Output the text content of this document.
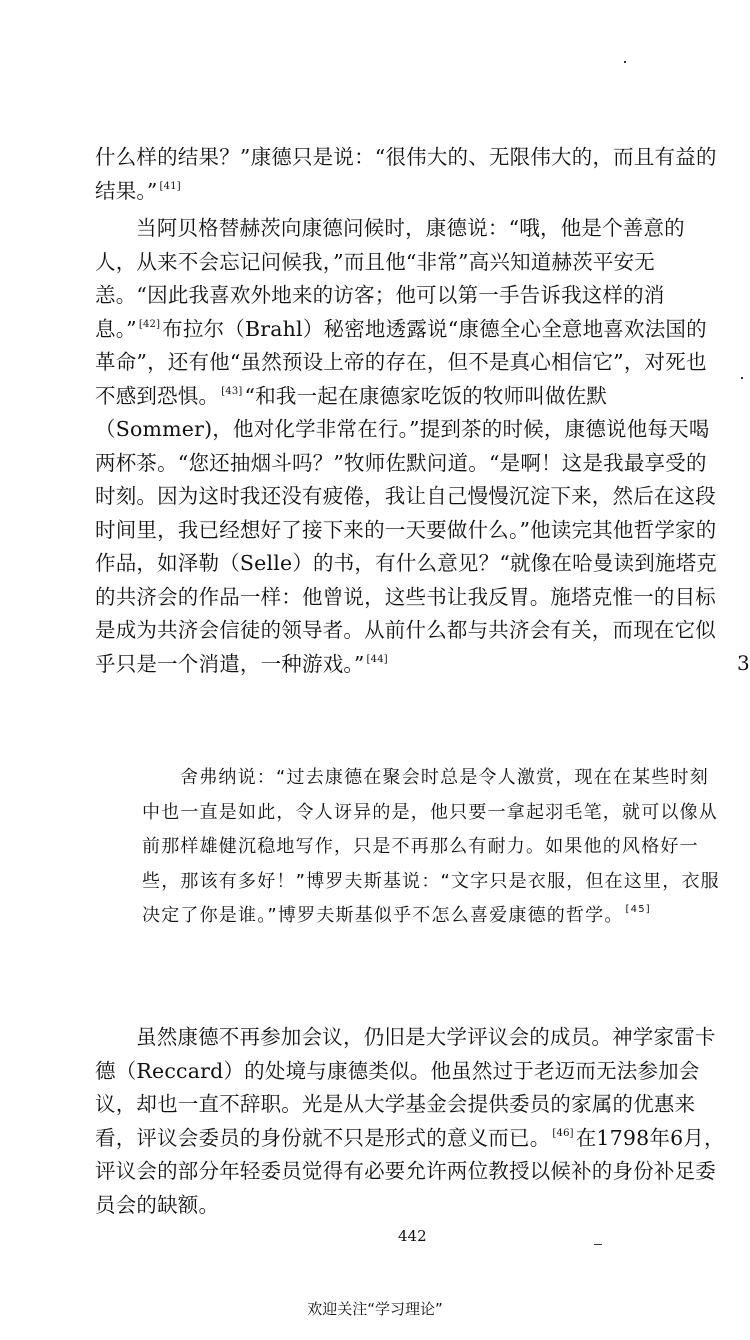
什么样的结果？”康德只是说：“很伟大的、无限伟大的，而且有益的结果。” [41]
当阿贝格替赫茨向康德问候时，康德说：“哦，他是个善意的人，从来不会忘记问候我，”而且他“非常”高兴知道赫茨平安无恙。“因此我喜欢外地来的访客；他可以第一手告诉我这样的消息。” [42]布拉尔（Brahl）秘密地透露说“康德全心全意地喜欢法国的革命”，还有他“虽然预设上帝的存在，但不是真心相信它”，对死也不感到恐惧。 [43]“和我一起在康德家吃饭的牧师叫做佐默（Sommer)，他对化学非常在行。”提到茶的时候，康德说他每天喝两杯茶。“您还抽烟斗吗？”牧师佐默问道。“是啊！这是我最享受的时刻。因为这时我还没有疲倦，我让自己慢慢沉淀下来，然后在这段时间里，我已经想好了接下来的一天要做什么。”他读完其他哲学家的作品，如泽勒（Selle）的书，有什么意见？“就像在哈曼读到施塔克的共济会的作品一样：他曾说，这些书让我反胃。施塔克惟一的目标是成为共济会信徒的领导者。从前什么都与共济会有关，而现在它似乎只是一个消遣，一种游戏。” [44]
舍弗纳说：“过去康德在聚会时总是令人激赏，现在在某些时刻中也一直是如此，令人讶异的是，他只要一拿起羽毛笔，就可以像从前那样雄健沉稳地写作，只是不再那么有耐力。如果他的风格好一些，那该有多好！”博罗夫斯基说：“文字只是衣服，但在这里，衣服决定了你是谁。”博罗夫斯基似乎不怎么喜爱康德的哲学。 [45]
虽然康德不再参加会议，仍旧是大学评议会的成员。神学家雷卡德（Reccard）的处境与康德类似。他虽然过于老迈而无法参加会议，却也一直不辞职。光是从大学基金会提供委员的家属的优惠来看，评议会委员的身份就不只是形式的意义而已。 [46]在1798年6月，评议会的部分年轻委员觉得有必要允许两位教授以候补的身份补足委员会的缺额。
3
442
欢迎关注“学习理论”
